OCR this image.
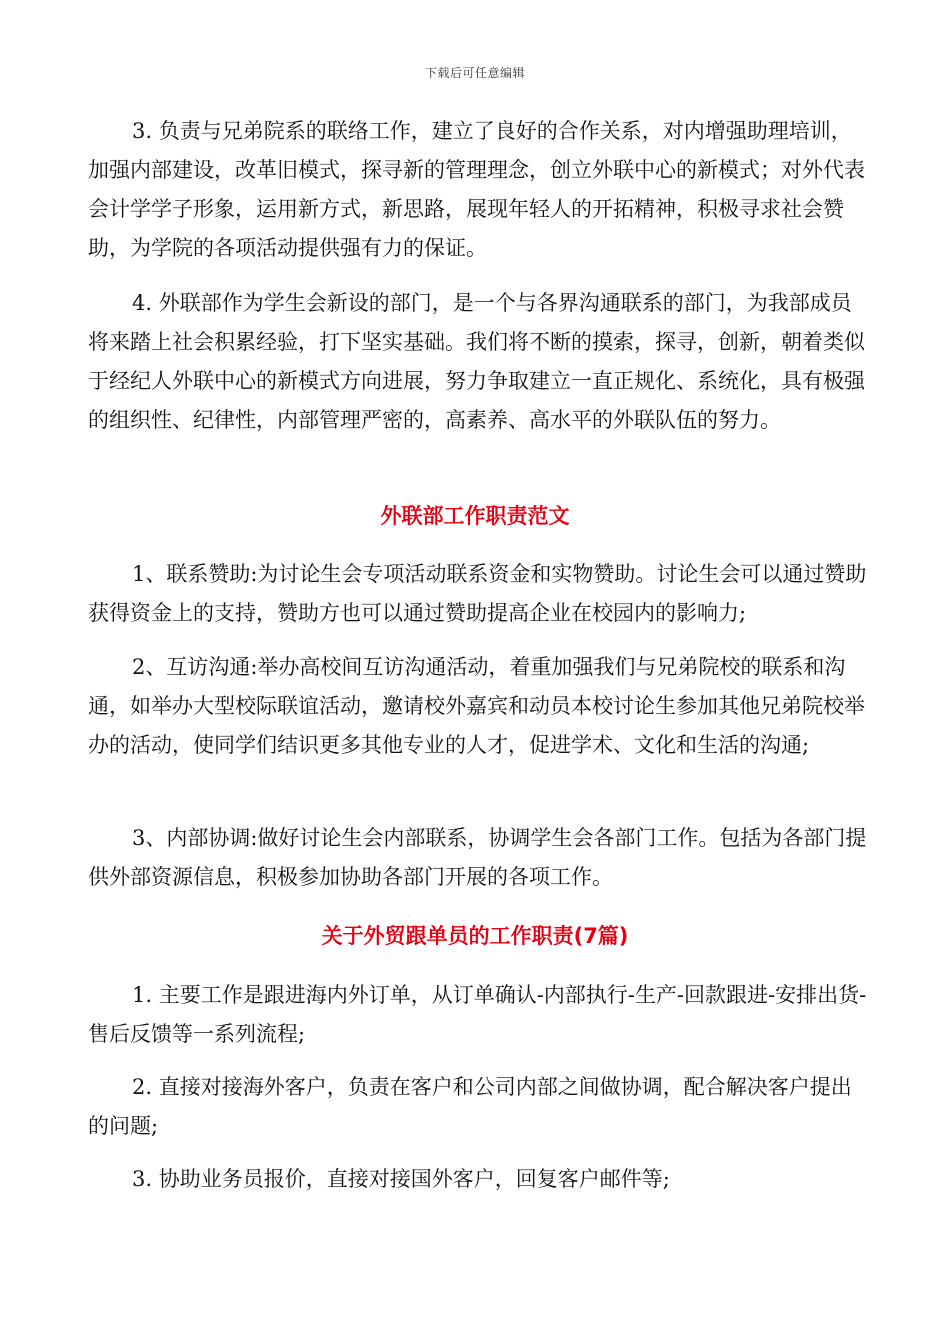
下载后可任意编辑

3. 负责与兄弟院系的联络工作，建立了良好的合作关系，对内增强助理培训，加强内部建设，改革旧模式，探寻新的管理理念，创立外联中心的新模式；对外代表会计学学子形象，运用新方式，新思路，展现年轻人的开拓精神，积极寻求社会赞助，为学院的各项活动提供强有力的保证。

4. 外联部作为学生会新设的部门，是一个与各界沟通联系的部门，为我部成员将来踏上社会积累经验，打下坚实基础。我们将不断的摸索，探寻，创新，朝着类似于经纪人外联中心的新模式方向进展，努力争取建立一直正规化、系统化，具有极强的组织性、纪律性，内部管理严密的，高素养、高水平的外联队伍的努力。

外联部工作职责范文

1、联系赞助:为讨论生会专项活动联系资金和实物赞助。讨论生会可以通过赞助获得资金上的支持，赞助方也可以通过赞助提高企业在校园内的影响力;

2、互访沟通:举办高校间互访沟通活动，着重加强我们与兄弟院校的联系和沟通，如举办大型校际联谊活动，邀请校外嘉宾和动员本校讨论生参加其他兄弟院校举办的活动，使同学们结识更多其他专业的人才，促进学术、文化和生活的沟通;

3、内部协调:做好讨论生会内部联系，协调学生会各部门工作。包括为各部门提供外部资源信息，积极参加协助各部门开展的各项工作。

关于外贸跟单员的工作职责(7篇)

1. 主要工作是跟进海内外订单，从订单确认-内部执行-生产-回款跟进-安排出货-售后反馈等一系列流程;

2. 直接对接海外客户，负责在客户和公司内部之间做协调，配合解决客户提出的问题;

3. 协助业务员报价，直接对接国外客户，回复客户邮件等;
